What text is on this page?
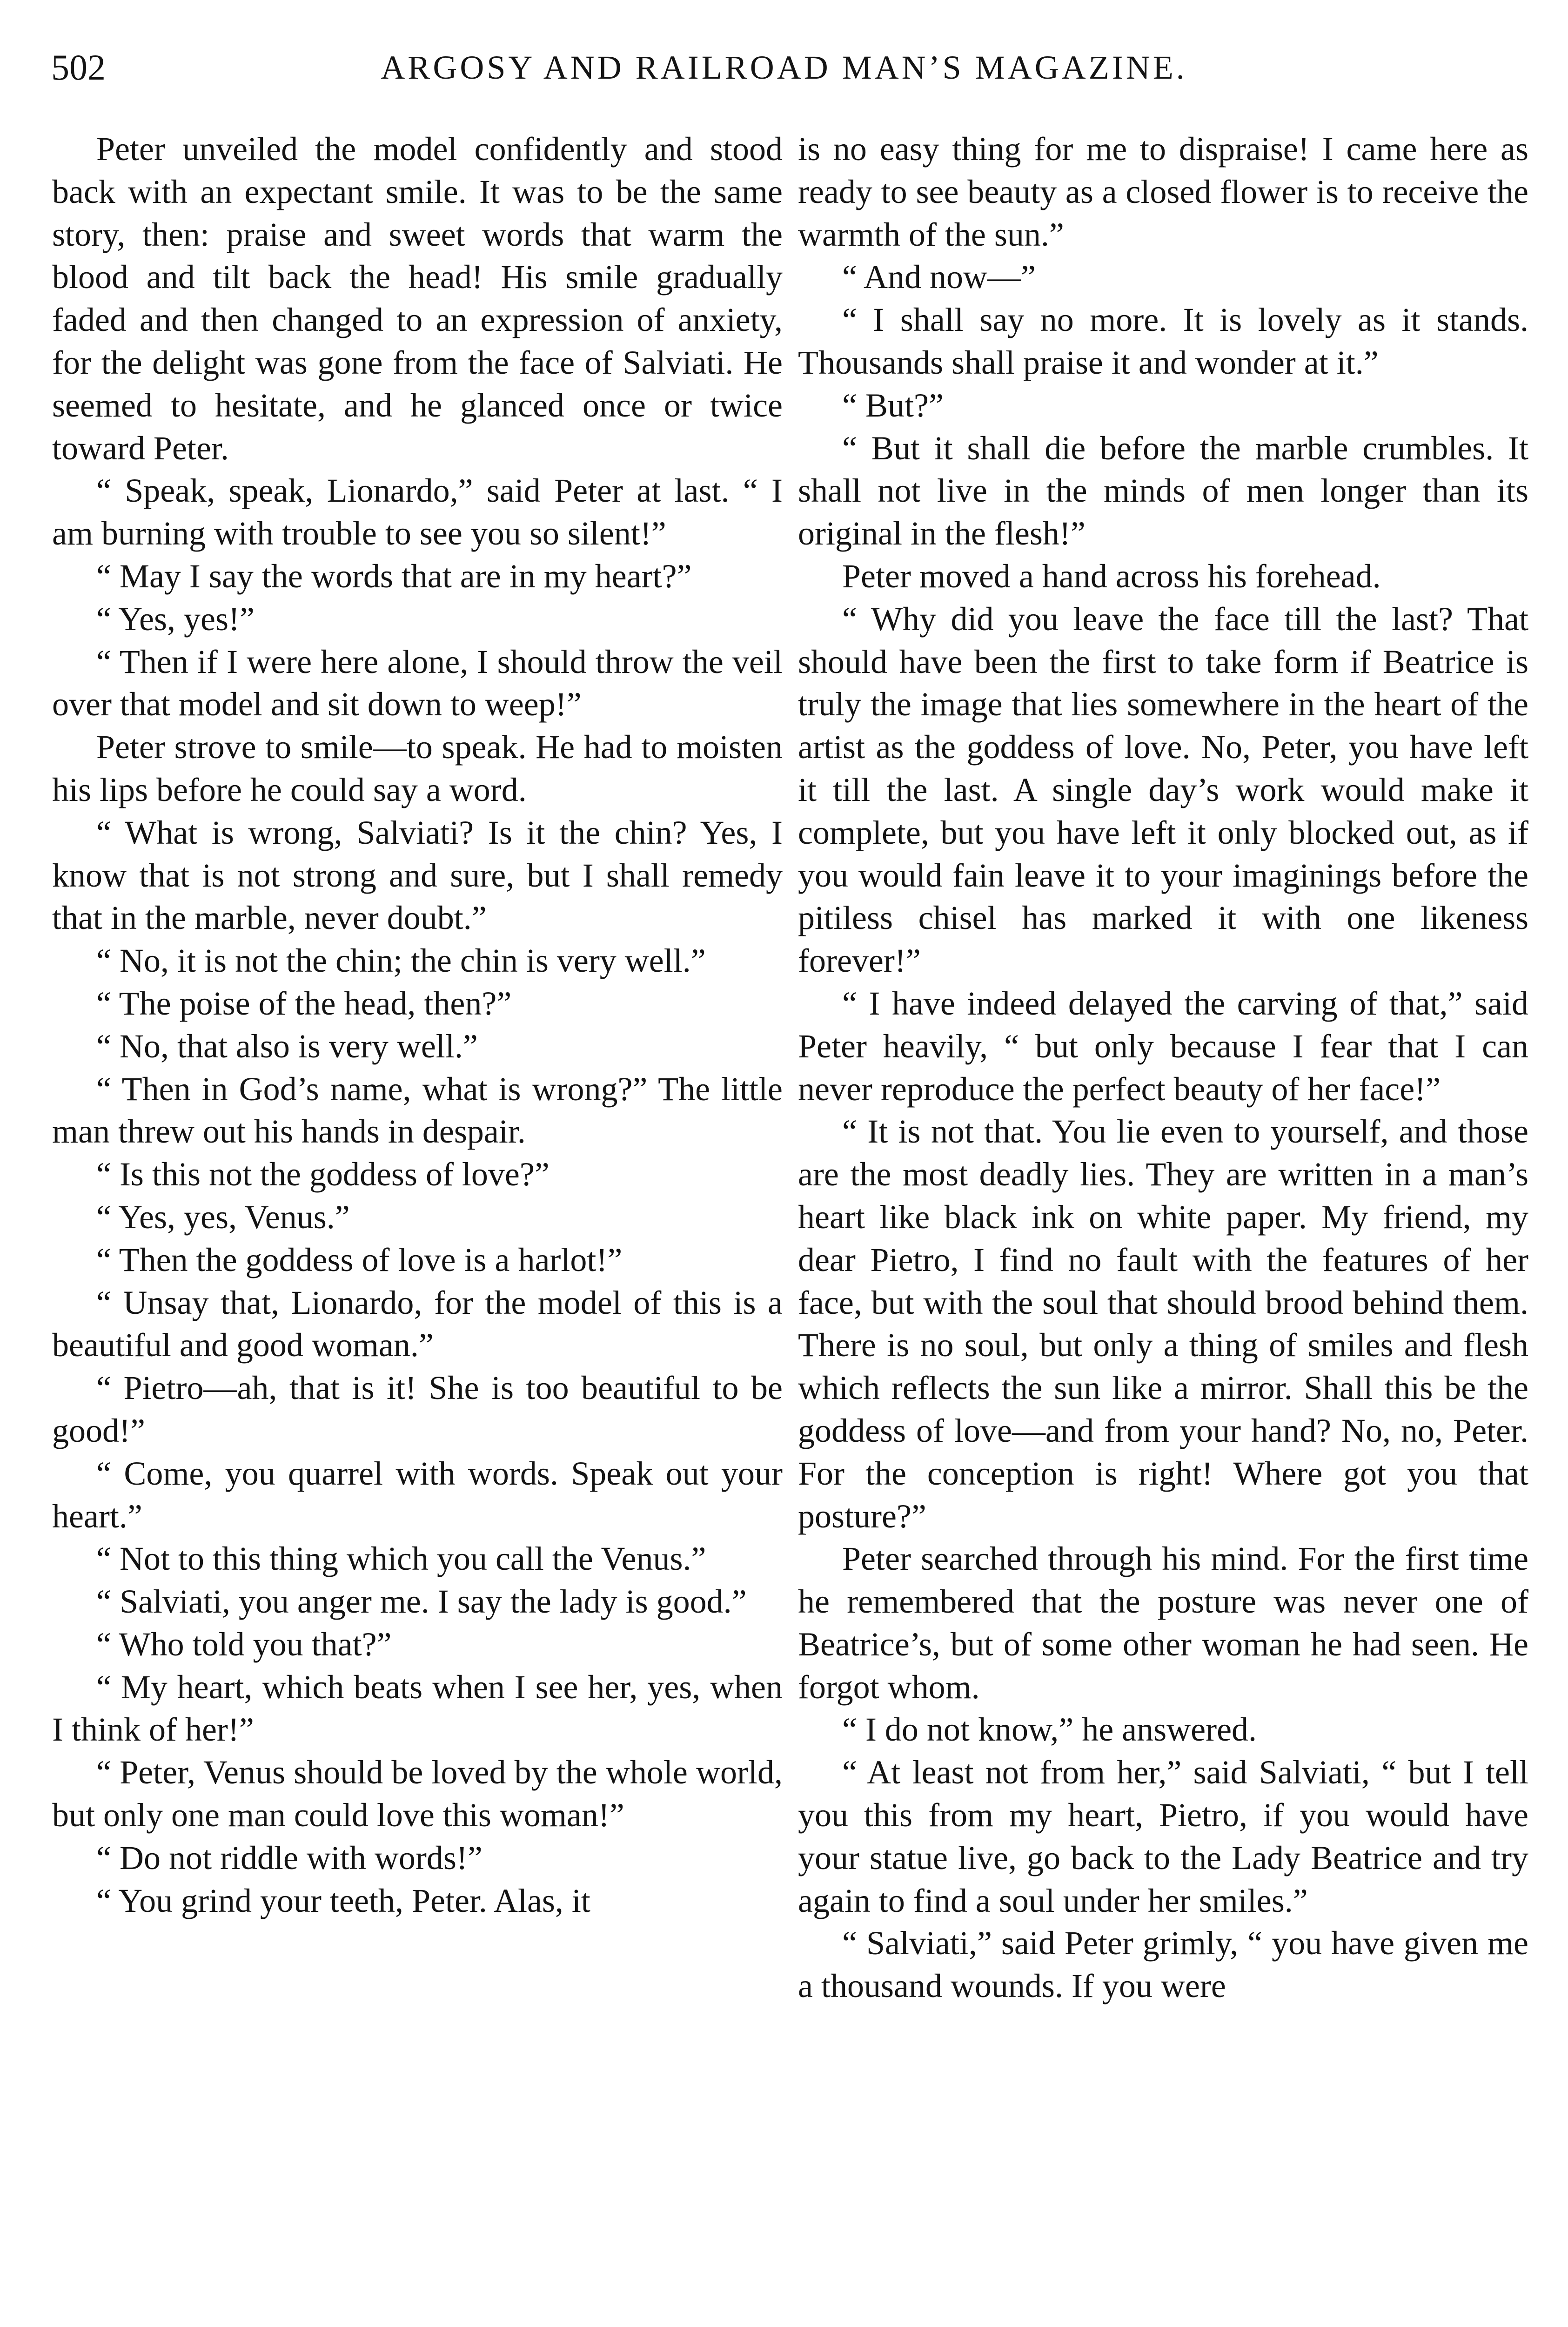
502	ARGOSY AND RAILROAD MAN’S MAGAZINE.

Peter unveiled the model confidently and stood back with an expectant smile. It was to be the same story, then: praise and sweet words that warm the blood and tilt back the head! His smile gradually faded and then changed to an expression of anxiety, for the delight was gone from the face of Salviati. He seemed to hesitate, and he glanced once or twice toward Peter.

“ Speak, speak, Lionardo,” said Peter at last. “ I am burning with trouble to see you so silent!”

“ May I say the words that are in my heart?”

“ Yes, yes!”

“ Then if I were here alone, I should throw the veil over that model and sit down to weep!”

Peter strove to smile—to speak. He had to moisten his lips before he could say a word.

“ What is wrong, Salviati? Is it the chin? Yes, I know that is not strong and sure, but I shall remedy that in the marble, never doubt.”

“ No, it is not the chin; the chin is very well.”

“ The poise of the head, then?”

“ No, that also is very well.”

“ Then in God’s name, what is wrong?” The little man threw out his hands in despair.

“ Is this not the goddess of love?”

“ Yes, yes, Venus.”

“ Then the goddess of love is a harlot!”

“ Unsay that, Lionardo, for the model of this is a beautiful and good woman.”

“ Pietro—ah, that is it! She is too beautiful to be good!”

“ Come, you quarrel with words. Speak out your heart.”

“ Not to this thing which you call the Venus.”

“ Salviati, you anger me. I say the lady is good.”

“ Who told you that?”

“ My heart, which beats when I see her, yes, when I think of her!”

“ Peter, Venus should be loved by the whole world, but only one man could love this woman!”

“ Do not riddle with words!”

“ You grind your teeth, Peter. Alas, it

is no easy thing for me to dispraise! I came here as ready to see beauty as a closed flower is to receive the warmth of the sun.”

“ And now—”

“ I shall say no more. It is lovely as it stands. Thousands shall praise it and wonder at it.”

“ But?”

“ But it shall die before the marble crumbles. It shall not live in the minds of men longer than its original in the flesh!”

Peter moved a hand across his forehead.

“ Why did you leave the face till the last? That should have been the first to take form if Beatrice is truly the image that lies somewhere in the heart of the artist as the goddess of love. No, Peter, you have left it till the last. A single day’s work would make it complete, but you have left it only blocked out, as if you would fain leave it to your imaginings before the pitiless chisel has marked it with one likeness forever!”

“ I have indeed delayed the carving of that,” said Peter heavily, “ but only because I fear that I can never reproduce the perfect beauty of her face!”

“ It is not that. You lie even to yourself, and those are the most deadly lies. They are written in a man’s heart like black ink on white paper. My friend, my dear Pietro, I find no fault with the features of her face, but with the soul that should brood behind them. There is no soul, but only a thing of smiles and flesh which reflects the sun like a mirror. Shall this be the goddess of love—and from your hand? No, no, Peter. For the conception is right! Where got you that posture?”

Peter searched through his mind. For the first time he remembered that the posture was never one of Beatrice’s, but of some other woman he had seen. He forgot whom.

“ I do not know,” he answered.

“ At least not from her,” said Salviati, “ but I tell you this from my heart, Pietro, if you would have your statue live, go back to the Lady Beatrice and try again to find a soul under her smiles.”

“ Salviati,” said Peter grimly, “ you have given me a thousand wounds. If you were
